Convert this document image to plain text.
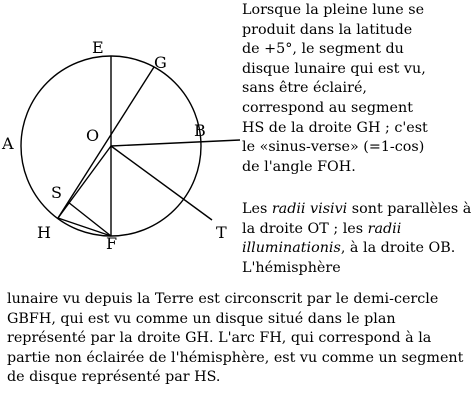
E
G
A	O	B
S
H
F
T
Lorsque la pleine lune se
produit dans la latitude
de +5°, le segment du
disque lunaire qui est vu,
sans être éclairé,
correspond au segment
HS de la droite GH ; c'est
le «sinus-verse» (=1-cos)
de l'angle FOH.

Les radii visivi sont parallèles à la droite OT ; les radii illuminationis, à la droite OB. L'hémisphère

lunaire vu depuis la Terre est circonscrit par le demi-cercle GBFH, qui est vu comme un disque situé dans le plan représenté par la droite GH. L'arc FH, qui correspond à la partie non éclairée de l'hémisphère, est vu comme un segment de disque représenté par HS.
